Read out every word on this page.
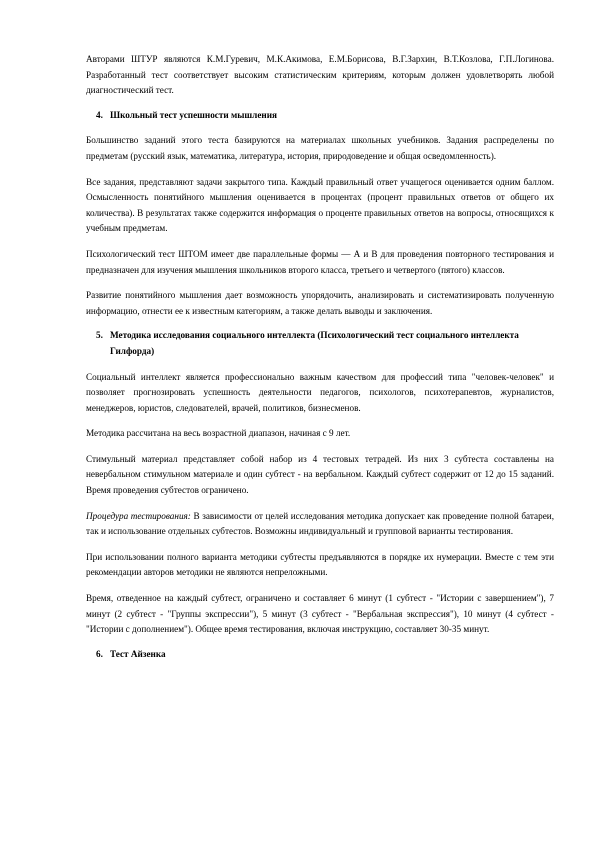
Авторами ШТУР являются К.М.Гуревич, М.К.Акимова, Е.М.Борисова, В.Г.Зархин, В.Т.Козлова, Г.П.Логинова. Разработанный тест соответствует высоким статистическим критериям, которым должен удовлетворять любой диагностический тест.

4. Школьный тест успешности мышления

Большинство заданий этого теста базируются на материалах школьных учебников. Задания распределены по предметам (русский язык, математика, литература, история, природоведение и общая осведомленность).

Все задания, представляют задачи закрытого типа. Каждый правильный ответ учащегося оценивается одним баллом. Осмысленность понятийного мышления оценивается в процентах (процент правильных ответов от общего их количества). В результатах также содержится информация о проценте правильных ответов на вопросы, относящихся к учебным предметам.

Психологический тест ШТОМ имеет две параллельные формы — А и В для проведения повторного тестирования и предназначен для изучения мышления школьников второго класса, третьего и четвертого (пятого) классов.

Развитие понятийного мышления дает возможность упорядочить, анализировать и систематизировать полученную информацию, отнести ее к известным категориям, а также делать выводы и заключения.

5. Методика исследования социального интеллекта (Психологический тест социального интеллекта Гилфорда)

Социальный интеллект является профессионально важным качеством для профессий типа "человек-человек" и позволяет прогнозировать успешность деятельности педагогов, психологов, психотерапевтов, журналистов, менеджеров, юристов, следователей, врачей, политиков, бизнесменов.

Методика рассчитана на весь возрастной диапазон, начиная с 9 лет.

Стимульный материал представляет собой набор из 4 тестовых тетрадей. Из них 3 субтеста составлены на невербальном стимульном материале и один субтест - на вербальном. Каждый субтест содержит от 12 до 15 заданий. Время проведения субтестов ограничено.

Процедура тестирования: В зависимости от целей исследования методика допускает как проведение полной батареи, так и использование отдельных субтестов. Возможны индивидуальный и групповой варианты тестирования.

При использовании полного варианта методики субтесты предъявляются в порядке их нумерации. Вместе с тем эти рекомендации авторов методики не являются непреложными.

Время, отведенное на каждый субтест, ограничено и составляет 6 минут (1 субтест - "Истории с завершением"), 7 минут (2 субтест - "Группы экспрессии"), 5 минут (3 субтест - "Вербальная экспрессия"), 10 минут (4 субтест - "Истории с дополнением"). Общее время тестирования, включая инструкцию, составляет 30-35 минут.

6. Тест Айзенка
